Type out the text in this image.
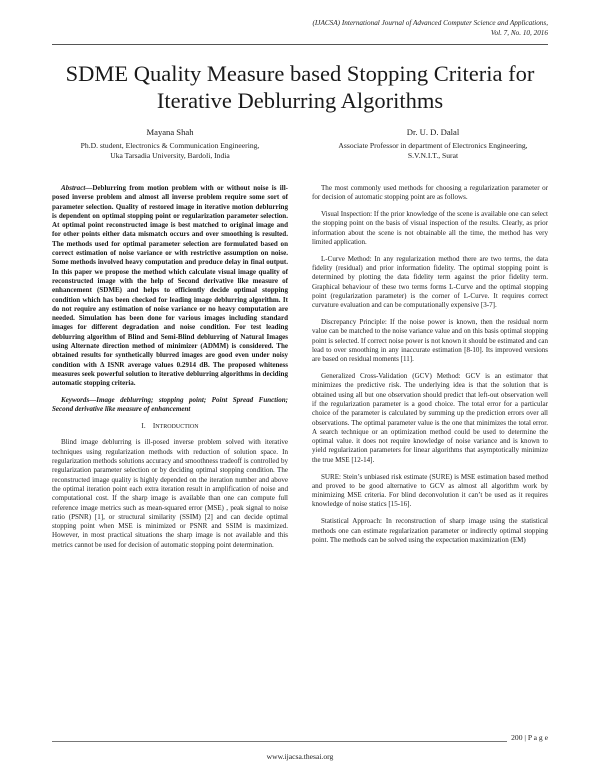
(IJACSA) International Journal of Advanced Computer Science and Applications,
Vol. 7, No. 10, 2016
SDME Quality Measure based Stopping Criteria for
Iterative Deblurring Algorithms
Mayana Shah
Ph.D. student, Electronics & Communication Engineering,
Uka Tarsadia University, Bardoli, India
Dr. U. D. Dalal
Associate Professor in department of Electronics Engineering,
S.V.N.I.T., Surat

Abstract—Deblurring from motion problem with or without noise is ill-posed inverse problem and almost all inverse problem require some sort of parameter selection. Quality of restored image in iterative motion deblurring is dependent on optimal stopping point or regularization parameter selection. At optimal point reconstructed image is best matched to original image and for other points either data mismatch occurs and over smoothing is resulted. The methods used for optimal parameter selection are formulated based on correct estimation of noise variance or with restrictive assumption on noise. Some methods involved heavy computation and produce delay in final output. In this paper we propose the method which calculate visual image quality of reconstructed image with the help of Second derivative like measure of enhancement (SDME) and helps to efficiently decide optimal stopping condition which has been checked for leading image deblurring algorithm. It do not require any estimation of noise variance or no heavy computation are needed. Simulation has been done for various images including standard images for different degradation and noise condition. For test leading deblurring algorithm of Blind and Semi-Blind deblurring of Natural Images using Alternate direction method of minimizer (ADMM) is considered. The obtained results for synthetically blurred images are good even under noisy condition with Δ ISNR average values 0.2914 dB. The proposed whiteness measures seek powerful solution to iterative deblurring algorithms in deciding automatic stopping criteria.

Keywords—Image deblurring; stopping point; Point Spread Function; Second derivative like measure of enhancement

I. INTRODUCTION

Blind image deblurring is ill-posed inverse problem solved with iterative techniques using regularization methods with reduction of solution space. In regularization methods solutions accuracy and smoothness tradeoff is controlled by regularization parameter selection or by deciding optimal stopping condition. The reconstructed image quality is highly depended on the iteration number and above the optimal iteration point each extra iteration result in amplification of noise and computational cost. If the sharp image is available than one can compute full reference image metrics such as mean-squared error (MSE) , peak signal to noise ratio (PSNR) [1], or structural similarity (SSIM) [2] and can decide optimal stopping point when MSE is minimized or PSNR and SSIM is maximized. However, in most practical situations the sharp image is not available and this metrics cannot be used for decision of automatic stopping point determination.

The most commonly used methods for choosing a regularization parameter or for decision of automatic stopping point are as follows.

Visual Inspection: If the prior knowledge of the scene is available one can select the stopping point on the basis of visual inspection of the results. Clearly, as prior information about the scene is not obtainable all the time, the method has very limited application.

L-Curve Method: In any regularization method there are two terms, the data fidelity (residual) and prior information fidelity. The optimal stopping point is determined by plotting the data fidelity term against the prior fidelity term. Graphical behaviour of these two terms forms L-Curve and the optimal stopping point (regularization parameter) is the corner of L-Curve. It requires correct curvature evaluation and can be computationally expensive [3-7].

Discrepancy Principle: If the noise power is known, then the residual norm value can be matched to the noise variance value and on this basis optimal stopping point is selected. If correct noise power is not known it should be estimated and can lead to over smoothing in any inaccurate estimation [8-10]. Its improved versions are based on residual moments [11].

Generalized Cross-Validation (GCV) Method: GCV is an estimator that minimizes the predictive risk. The underlying idea is that the solution that is obtained using all but one observation should predict that left-out observation well if the regularization parameter is a good choice. The total error for a particular choice of the parameter is calculated by summing up the prediction errors over all observations. The optimal parameter value is the one that minimizes the total error. A search technique or an optimization method could be used to determine the optimal value. it does not require knowledge of noise variance and is known to yield regularization parameters for linear algorithms that asymptotically minimize the true MSE [12-14].

SURE: Stein’s unbiased risk estimate (SURE) is MSE estimation based method and proved to be good alternative to GCV as almost all algorithm work by minimizing MSE criteria. For blind deconvolution it can’t be used as it requires knowledge of noise statics [15-16].

Statistical Approach: In reconstruction of sharp image using the statistical methods one can estimate regularization parameter or indirectly optimal stopping point. The methods can be solved using the expectation maximization (EM)

200 | P a g e
www.ijacsa.thesai.org
